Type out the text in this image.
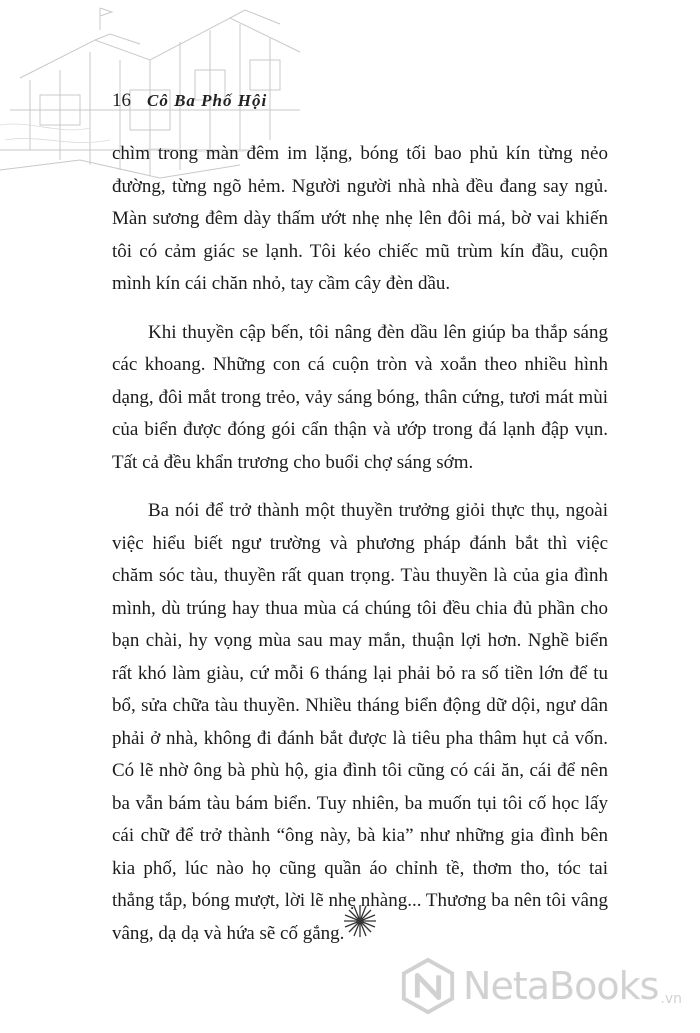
16 Cô Ba Phố Hội

chìm trong màn đêm im lặng, bóng tối bao phủ kín từng nẻo đường, từng ngõ hẻm. Người người nhà nhà đều đang say ngủ. Màn sương đêm dày thấm ướt nhẹ nhẹ lên đôi má, bờ vai khiến tôi có cảm giác se lạnh. Tôi kéo chiếc mũ trùm kín đầu, cuộn mình kín cái chăn nhỏ, tay cầm cây đèn dầu.

Khi thuyền cập bến, tôi nâng đèn dầu lên giúp ba thắp sáng các khoang. Những con cá cuộn tròn và xoắn theo nhiều hình dạng, đôi mắt trong trẻo, vảy sáng bóng, thân cứng, tươi mát mùi của biển được đóng gói cẩn thận và ướp trong đá lạnh đập vụn. Tất cả đều khẩn trương cho buổi chợ sáng sớm.

Ba nói để trở thành một thuyền trưởng giỏi thực thụ, ngoài việc hiểu biết ngư trường và phương pháp đánh bắt thì việc chăm sóc tàu, thuyền rất quan trọng. Tàu thuyền là của gia đình mình, dù trúng hay thua mùa cá chúng tôi đều chia đủ phần cho bạn chài, hy vọng mùa sau may mắn, thuận lợi hơn. Nghề biển rất khó làm giàu, cứ mỗi 6 tháng lại phải bỏ ra số tiền lớn để tu bổ, sửa chữa tàu thuyền. Nhiều tháng biển động dữ dội, ngư dân phải ở nhà, không đi đánh bắt được là tiêu pha thâm hụt cả vốn. Có lẽ nhờ ông bà phù hộ, gia đình tôi cũng có cái ăn, cái để nên ba vẫn bám tàu bám biển. Tuy nhiên, ba muốn tụi tôi cố học lấy cái chữ để trở thành “ông này, bà kia” như những gia đình bên kia phố, lúc nào họ cũng quần áo chỉnh tề, thơm tho, tóc tai thẳng tắp, bóng mượt, lời lẽ nhẹ nhàng... Thương ba nên tôi vâng vâng, dạ dạ và hứa sẽ cố gắng.

NetaBooks .vn
